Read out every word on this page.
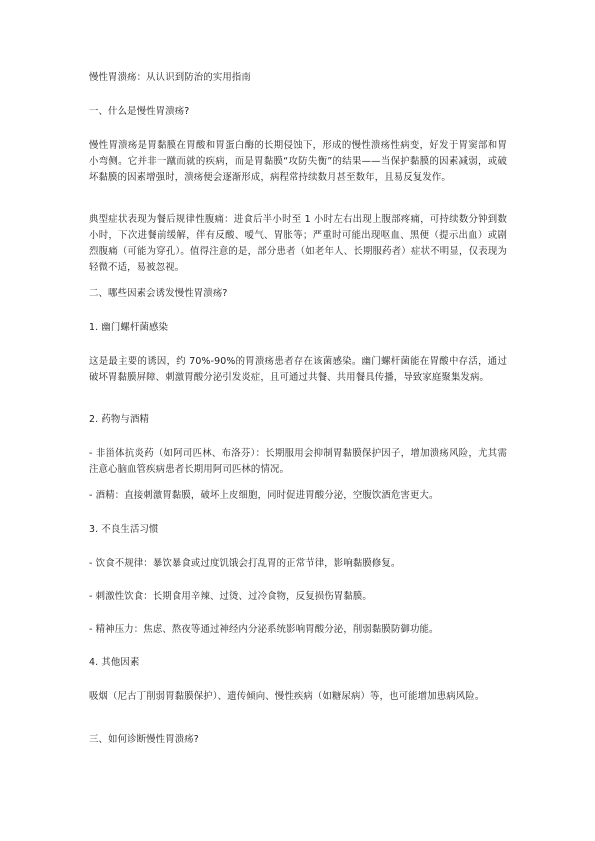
慢性胃溃疡：从认识到防治的实用指南

一、什么是慢性胃溃疡?

慢性胃溃疡是胃黏膜在胃酸和胃蛋白酶的长期侵蚀下，形成的慢性溃疡性病变，好发于胃窦部和胃小弯侧。它并非一蹴而就的疾病，而是胃黏膜“攻防失衡”的结果——当保护黏膜的因素减弱，或破坏黏膜的因素增强时，溃疡便会逐渐形成，病程常持续数月甚至数年，且易反复发作。

典型症状表现为餐后规律性腹痛：进食后半小时至 1 小时左右出现上腹部疼痛，可持续数分钟到数小时，下次进餐前缓解，伴有反酸、嗳气、胃胀等；严重时可能出现呕血、黑便（提示出血）或剧烈腹痛（可能为穿孔）。值得注意的是，部分患者（如老年人、长期服药者）症状不明显，仅表现为轻微不适，易被忽视。

二、哪些因素会诱发慢性胃溃疡?

1. 幽门螺杆菌感染

这是最主要的诱因，约 70%-90%的胃溃疡患者存在该菌感染。幽门螺杆菌能在胃酸中存活，通过破坏胃黏膜屏障、刺激胃酸分泌引发炎症，且可通过共餐、共用餐具传播，导致家庭聚集发病。

2. 药物与酒精

- 非甾体抗炎药（如阿司匹林、布洛芬）：长期服用会抑制胃黏膜保护因子，增加溃疡风险，尤其需注意心脑血管疾病患者长期用阿司匹林的情况。

- 酒精：直接刺激胃黏膜，破坏上皮细胞，同时促进胃酸分泌，空腹饮酒危害更大。

3. 不良生活习惯

- 饮食不规律：暴饮暴食或过度饥饿会打乱胃的正常节律，影响黏膜修复。

- 刺激性饮食：长期食用辛辣、过烫、过冷食物，反复损伤胃黏膜。

- 精神压力：焦虑、熬夜等通过神经内分泌系统影响胃酸分泌，削弱黏膜防御功能。

4. 其他因素

吸烟（尼古丁削弱胃黏膜保护）、遗传倾向、慢性疾病（如糖尿病）等，也可能增加患病风险。

三、如何诊断慢性胃溃疡?
